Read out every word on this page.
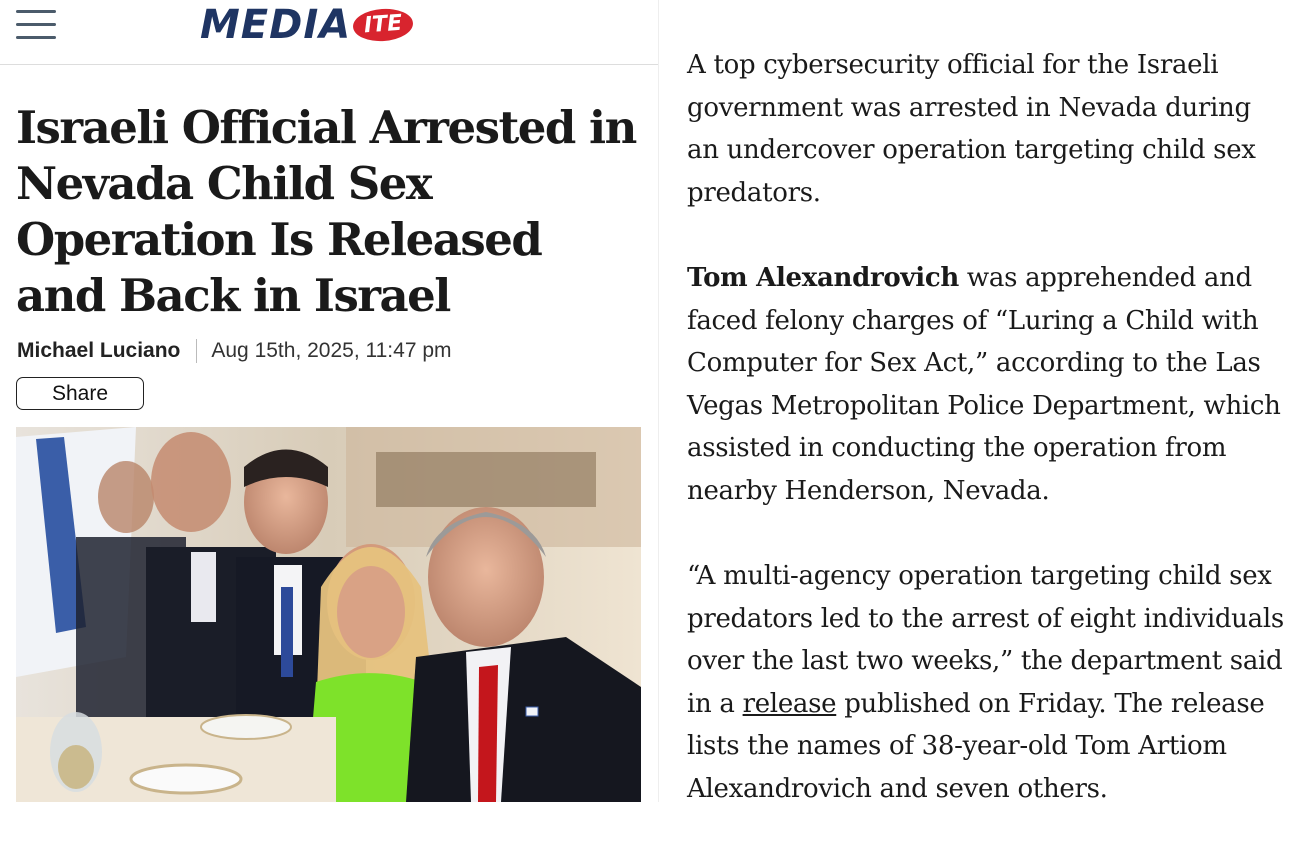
MEDIA ITE
Israeli Official Arrested in Nevada Child Sex Operation Is Released and Back in Israel
Michael Luciano Aug 15th, 2025, 11:47 pm
Share

A top cybersecurity official for the Israeli government was arrested in Nevada during an undercover operation targeting child sex predators.

Tom Alexandrovich was apprehended and faced felony charges of “Luring a Child with Computer for Sex Act,” according to the Las Vegas Metropolitan Police Department, which assisted in conducting the operation from nearby Henderson, Nevada.

“A multi-agency operation targeting child sex predators led to the arrest of eight individuals over the last two weeks,” the department said in a release published on Friday. The release lists the names of 38-year-old Tom Artiom Alexandrovich and seven others.
